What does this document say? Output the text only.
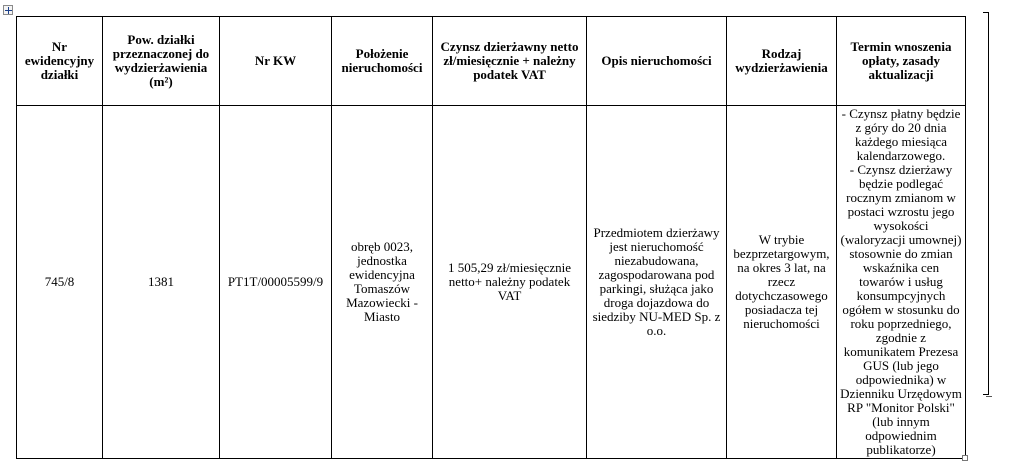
Nr ewidencyjny działki	Pow. działki przeznaczonej do wydzierżawienia (m²)	Nr KW	Położenie nieruchomości	Czynsz dzierżawny netto zł/miesięcznie + należny podatek VAT	Opis nieruchomości	Rodzaj wydzierżawienia	Termin wnoszenia opłaty, zasady aktualizacji
745/8	1381	PT1T/00005599/9	obręb 0023, jednostka ewidencyjna Tomaszów Mazowiecki - Miasto	1 505,29 zł/miesięcznie netto+ należny podatek VAT	Przedmiotem dzierżawy jest nieruchomość niezabudowana, zagospodarowana pod parkingi, służąca jako droga dojazdowa do siedziby NU-MED Sp. z o.o.	W trybie bezprzetargowym, na okres 3 lat, na rzecz dotychczasowego posiadacza tej nieruchomości	- Czynsz płatny będzie z góry do 20 dnia każdego miesiąca kalendarzowego.
- Czynsz dzierżawy będzie podlegać rocznym zmianom w postaci wzrostu jego wysokości (waloryzacji umownej) stosownie do zmian wskaźnika cen towarów i usług konsumpcyjnych ogółem w stosunku do roku poprzedniego, zgodnie z komunikatem Prezesa GUS (lub jego odpowiednika) w Dzienniku Urzędowym RP "Monitor Polski" (lub innym odpowiednim publikatorze)
